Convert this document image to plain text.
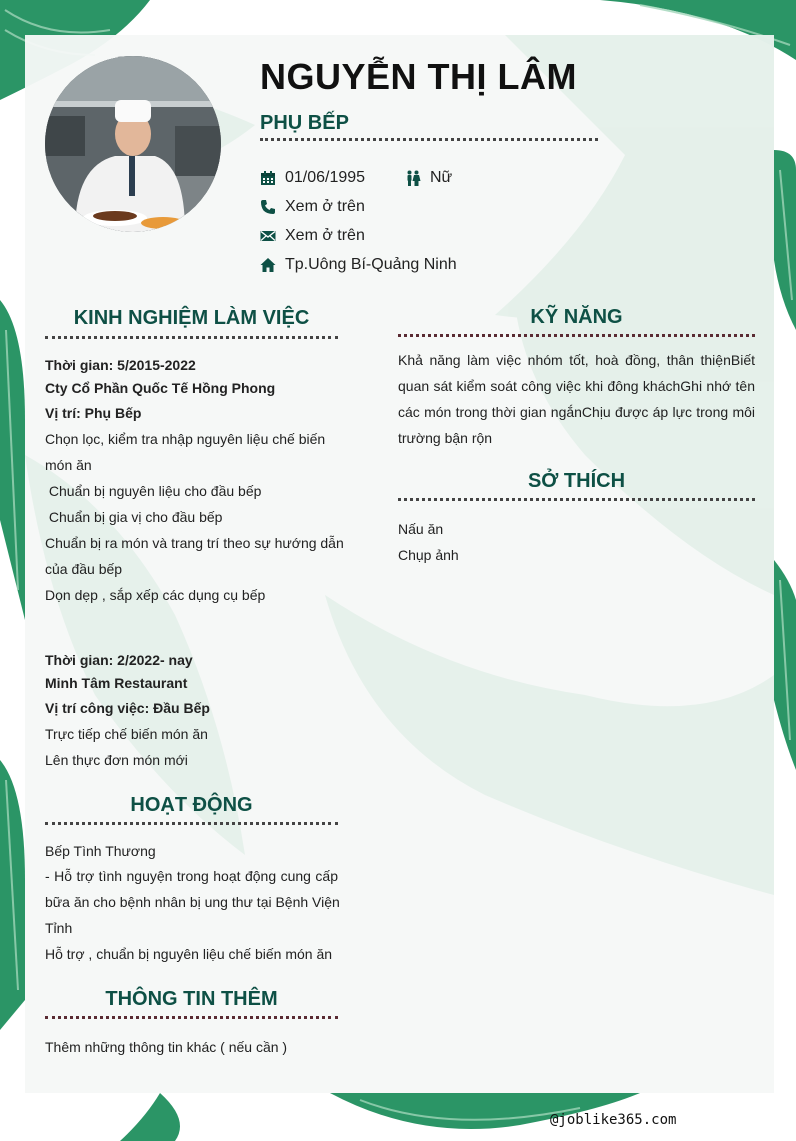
NGUYỄN THỊ LÂM
PHỤ BẾP
01/06/1995	Nữ
Xem ở trên
Xem ở trên
Tp.Uông Bí-Quảng Ninh
KINH NGHIỆM LÀM VIỆC
Thời gian: 5/2015-2022
Cty Cổ Phần Quốc Tế Hồng Phong
Vị trí: Phụ Bếp
Chọn lọc, kiểm tra nhập nguyên liệu chế biến
món ăn
Chuẩn bị nguyên liệu cho đầu bếp
Chuẩn bị gia vị cho đầu bếp
Chuẩn bị ra món và trang trí theo sự hướng dẫn
của đầu bếp
Dọn dẹp , sắp xếp các dụng cụ bếp
Thời gian: 2/2022- nay
Minh Tâm Restaurant
Vị trí công việc: Đầu Bếp
Trực tiếp chế biến món ăn
Lên thực đơn món mới
HOẠT ĐỘNG
Bếp Tình Thương
- Hỗ trợ tình nguyện trong hoạt động cung cấp
bữa ăn cho bệnh nhân bị ung thư tại Bệnh Viện
Tỉnh
Hỗ trợ , chuẩn bị nguyên liệu chế biến món ăn
THÔNG TIN THÊM
Thêm những thông tin khác ( nếu cần )
KỸ NĂNG
Khả năng làm việc nhóm tốt, hoà đồng, thân thiệnBiết quan sát kiểm soát công việc khi đông kháchGhi nhớ tên các món trong thời gian ngắnChịu được áp lực trong môi trường bận rộn
SỞ THÍCH
Nấu ăn
Chụp ảnh
@joblike365.com
